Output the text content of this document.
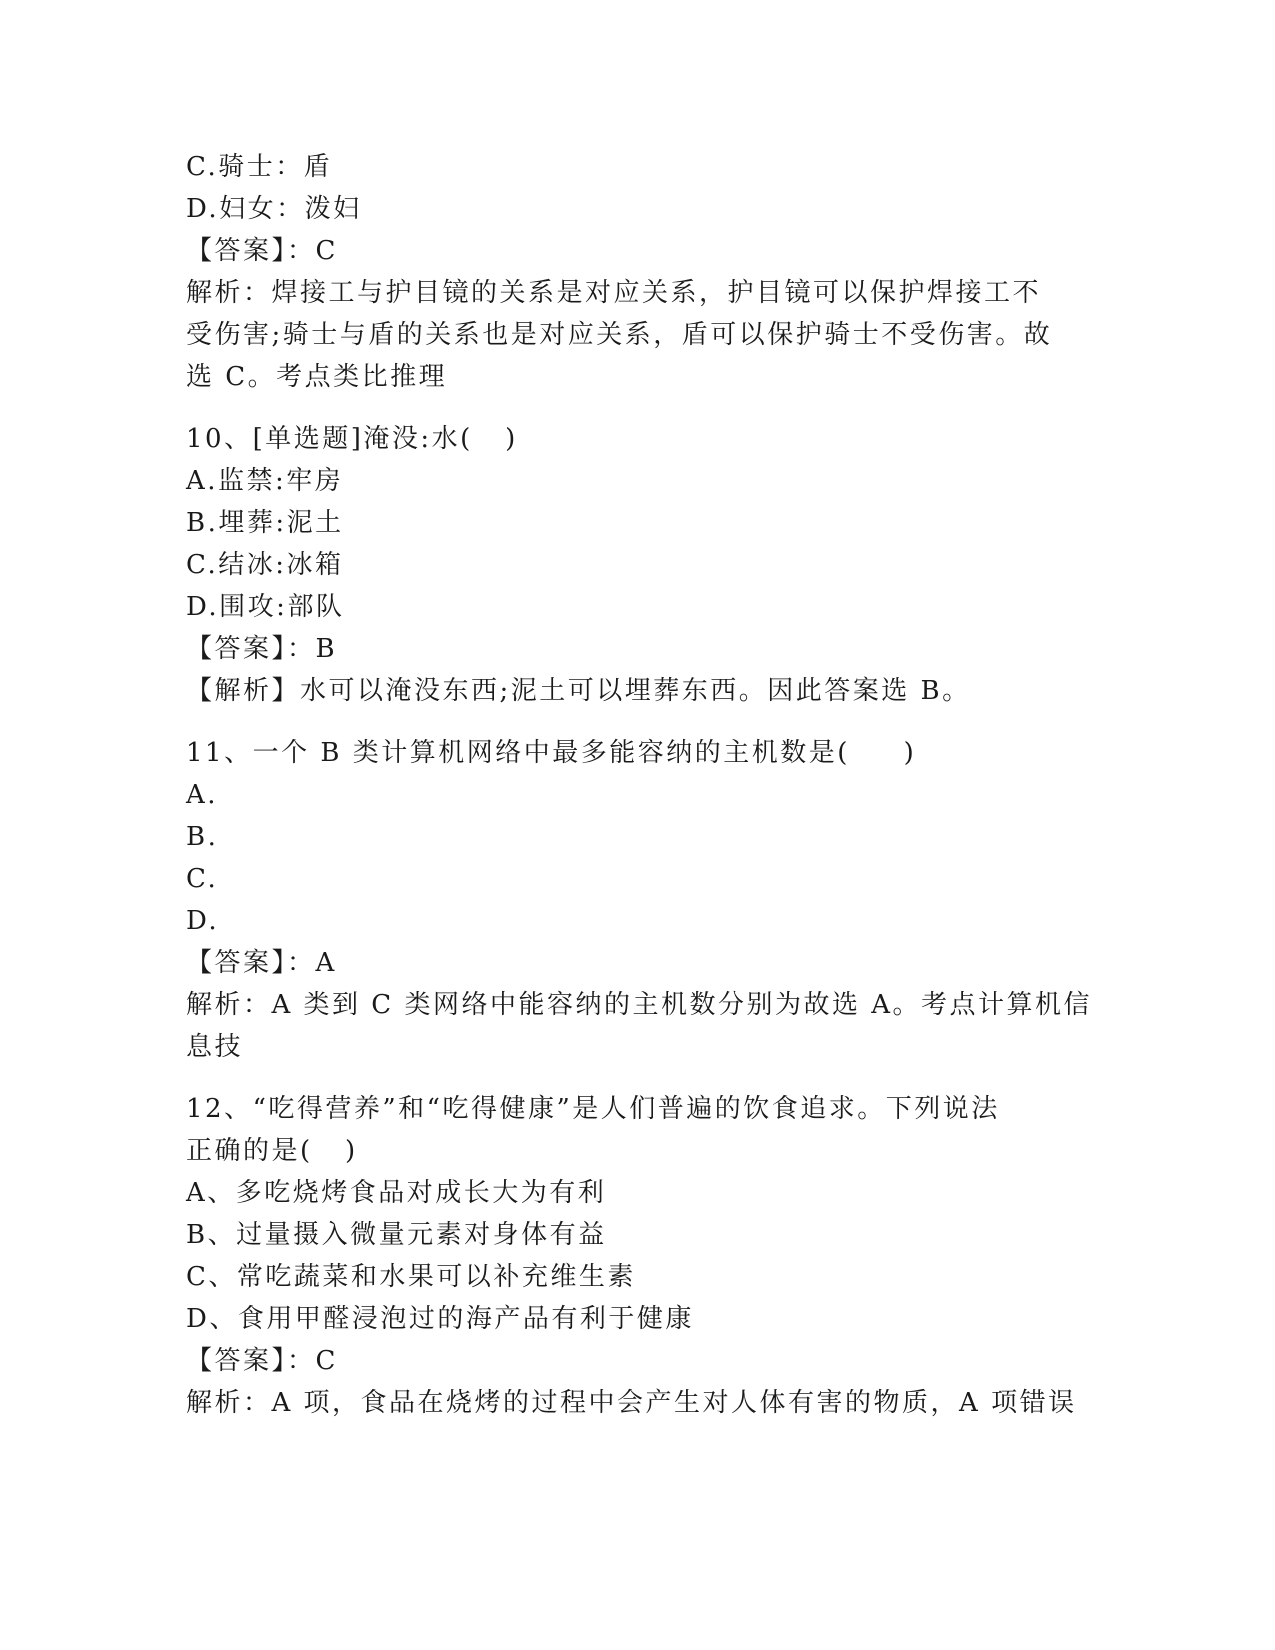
C.骑士：盾
D.妇女：泼妇
【答案】：C
解析：焊接工与护目镜的关系是对应关系，护目镜可以保护焊接工不
受伤害;骑士与盾的关系也是对应关系，盾可以保护骑士不受伤害。故
选 C。考点类比推理
10、[单选题]淹没:水(   )
A.监禁:牢房
B.埋葬:泥土
C.结冰:冰箱
D.围攻:部队
【答案】：B
【解析】水可以淹没东西;泥土可以埋葬东西。因此答案选 B。
11、一个 B 类计算机网络中最多能容纳的主机数是(     )
A.
B.
C.
D.
【答案】：A
解析：A 类到 C 类网络中能容纳的主机数分别为故选 A。考点计算机信
息技
12、“吃得营养”和“吃得健康”是人们普遍的饮食追求。下列说法
正确的是(   )
A、多吃烧烤食品对成长大为有利
B、过量摄入微量元素对身体有益
C、常吃蔬菜和水果可以补充维生素
D、食用甲醛浸泡过的海产品有利于健康
【答案】：C
解析：A 项，食品在烧烤的过程中会产生对人体有害的物质，A 项错误
